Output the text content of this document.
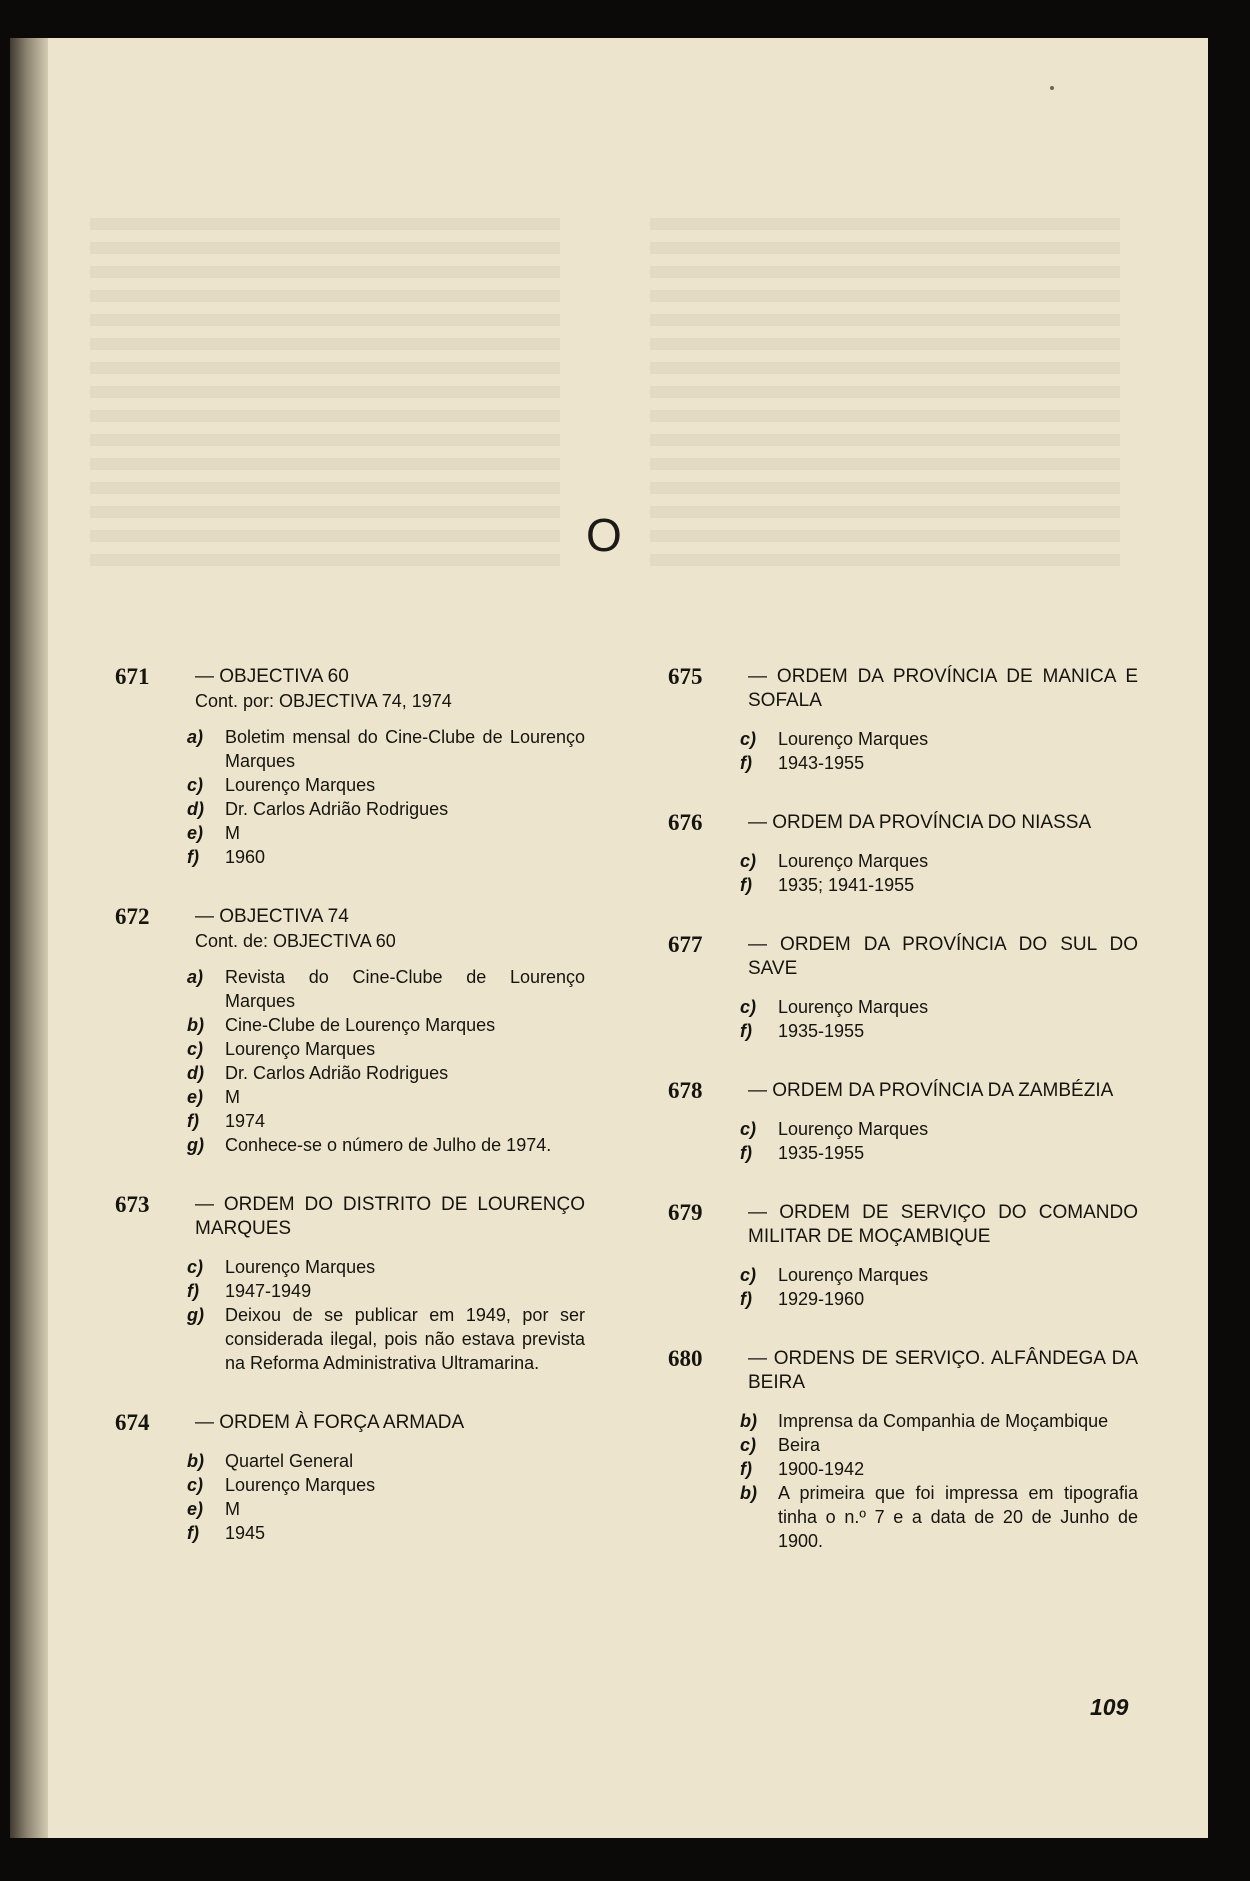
O
671	— OBJECTIVA 60
Cont. por: OBJECTIVA 74, 1974
a)	Boletim mensal do Cine-Clube de Lourenço Marques
c)	Lourenço Marques
d)	Dr. Carlos Adrião Rodrigues
e)	M
f)	1960
672	— OBJECTIVA 74
Cont. de: OBJECTIVA 60
a)	Revista do Cine-Clube de Lourenço Marques
b)	Cine-Clube de Lourenço Marques
c)	Lourenço Marques
d)	Dr. Carlos Adrião Rodrigues
e)	M
f)	1974
g)	Conhece-se o número de Julho de 1974.
673	— ORDEM DO DISTRITO DE LOURENÇO MARQUES
c)	Lourenço Marques
f)	1947-1949
g)	Deixou de se publicar em 1949, por ser considerada ilegal, pois não estava prevista na Reforma Administrativa Ultramarina.
674	— ORDEM À FORÇA ARMADA
b)	Quartel General
c)	Lourenço Marques
e)	M
f)	1945
675	— ORDEM DA PROVÍNCIA DE MANICA E SOFALA
c)	Lourenço Marques
f)	1943-1955
676	— ORDEM DA PROVÍNCIA DO NIASSA
c)	Lourenço Marques
f)	1935; 1941-1955
677	— ORDEM DA PROVÍNCIA DO SUL DO SAVE
c)	Lourenço Marques
f)	1935-1955
678	— ORDEM DA PROVÍNCIA DA ZAMBÉZIA
c)	Lourenço Marques
f)	1935-1955
679	— ORDEM DE SERVIÇO DO COMANDO MILITAR DE MOÇAMBIQUE
c)	Lourenço Marques
f)	1929-1960
680	— ORDENS DE SERVIÇO. ALFÂNDEGA DA BEIRA
b)	Imprensa da Companhia de Moçambique
c)	Beira
f)	1900-1942
b)	A primeira que foi impressa em tipografia tinha o n.º 7 e a data de 20 de Junho de 1900.
109
